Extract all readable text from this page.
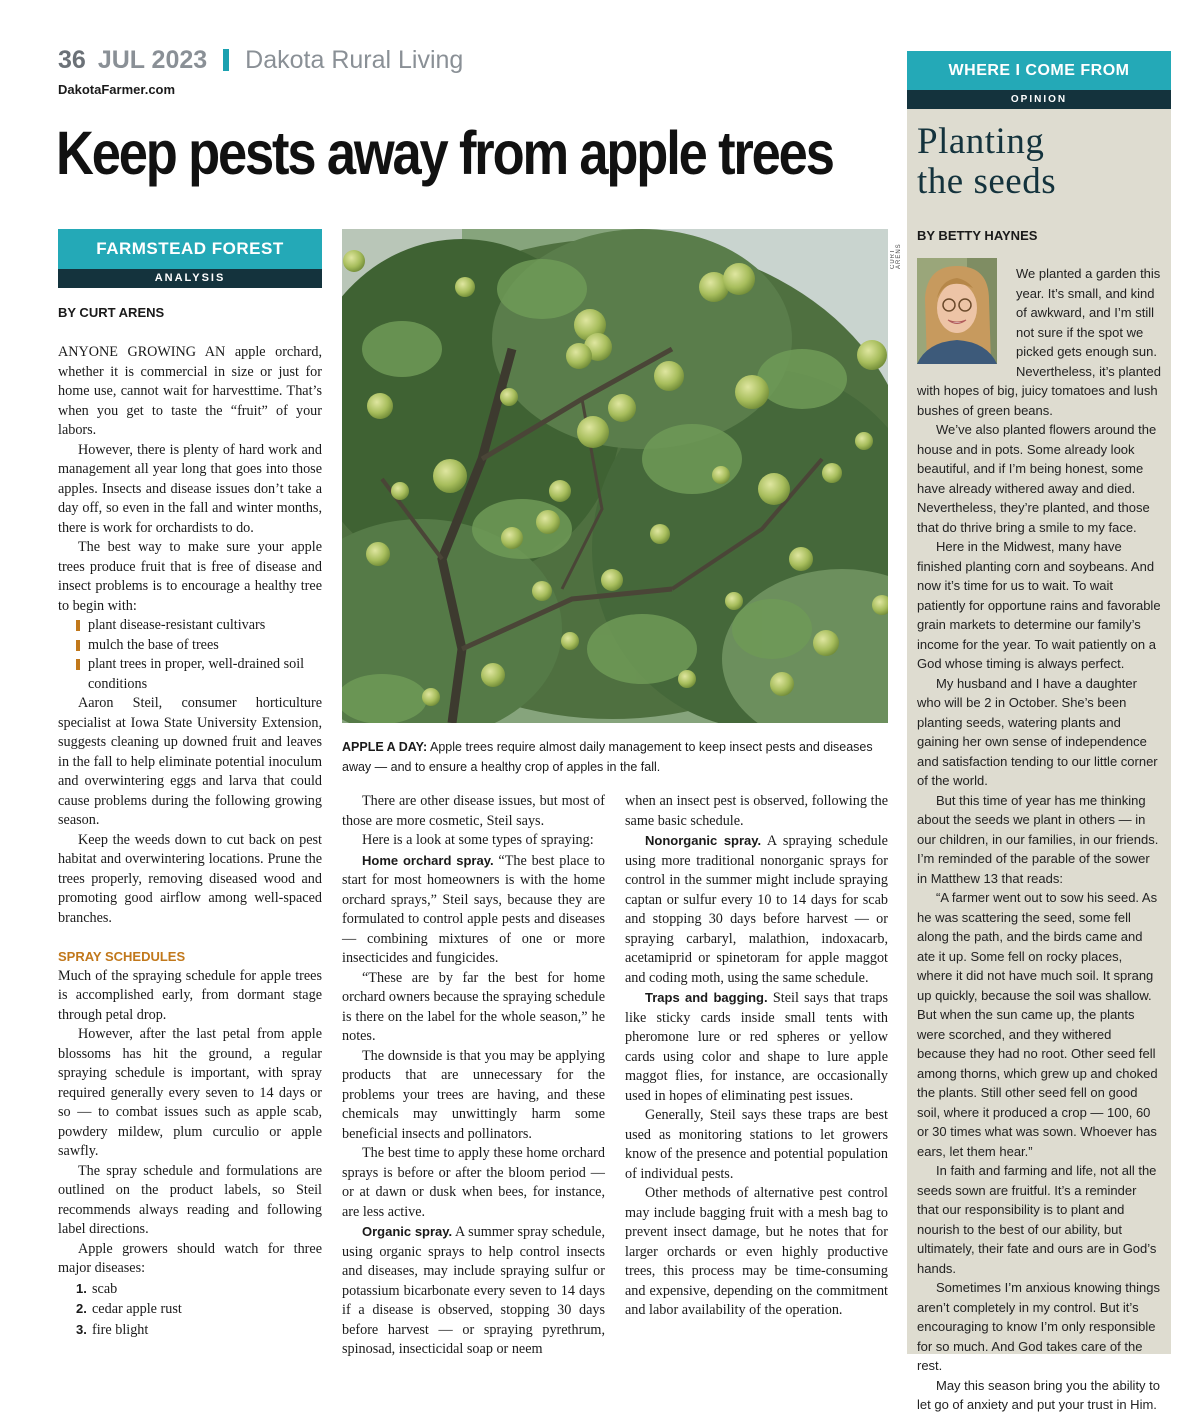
36 JUL 2023 Dakota Rural Living
DakotaFarmer.com
Keep pests away from apple trees
FARMSTEAD FOREST
ANALYSIS
BY CURT ARENS

ANYONE GROWING AN apple orchard, whether it is commercial in size or just for home use, cannot wait for harvesttime. That’s when you get to taste the “fruit” of your labors.

However, there is plenty of hard work and management all year long that goes into those apples. Insects and disease issues don’t take a day off, so even in the fall and winter months, there is work for orchardists to do.

The best way to make sure your apple trees produce fruit that is free of disease and insect problems is to encourage a healthy tree to begin with:

plant disease-resistant cultivars
mulch the base of trees
plant trees in proper, well-drained soil conditions

Aaron Steil, consumer horticulture specialist at Iowa State University Extension, suggests cleaning up downed fruit and leaves in the fall to help eliminate potential inoculum and overwintering eggs and larva that could cause problems during the following growing season.

Keep the weeds down to cut back on pest habitat and overwintering locations. Prune the trees properly, removing diseased wood and promoting good airflow among well-spaced branches.

SPRAY SCHEDULES

Much of the spraying schedule for apple trees is accomplished early, from dormant stage through petal drop.

However, after the last petal from apple blossoms has hit the ground, a regular spraying schedule is important, with spray required generally every seven to 14 days or so — to combat issues such as apple scab, powdery mildew, plum curculio or apple sawfly.

The spray schedule and formulations are outlined on the product labels, so Steil recommends always reading and following label directions.

Apple growers should watch for three major diseases:

1. scab
2. cedar apple rust
3. fire blight
CURT ARENS
APPLE A DAY: Apple trees require almost daily management to keep insect pests and diseases away — and to ensure a healthy crop of apples in the fall.

There are other disease issues, but most of those are more cosmetic, Steil says.

Here is a look at some types of spraying:

Home orchard spray. “The best place to start for most homeowners is with the home orchard sprays,” Steil says, because they are formulated to control apple pests and diseases — combining mixtures of one or more insecticides and fungicides.

“These are by far the best for home orchard owners because the spraying schedule is there on the label for the whole season,” he notes.

The downside is that you may be applying products that are unnecessary for the problems your trees are having, and these chemicals may unwittingly harm some beneficial insects and pollinators.

The best time to apply these home orchard sprays is before or after the bloom period — or at dawn or dusk when bees, for instance, are less active.

Organic spray. A summer spray schedule, using organic sprays to help control insects and diseases, may include spraying sulfur or potassium bicarbonate every seven to 14 days if a disease is observed, stopping 30 days before harvest — or spraying pyrethrum, spinosad, insecticidal soap or neem

when an insect pest is observed, following the same basic schedule.

Nonorganic spray. A spraying schedule using more traditional nonorganic sprays for control in the summer might include spraying captan or sulfur every 10 to 14 days for scab and stopping 30 days before harvest — or spraying carbaryl, malathion, indoxacarb, acetamiprid or spinetoram for apple maggot and coding moth, using the same schedule.

Traps and bagging. Steil says that traps like sticky cards inside small tents with pheromone lure or red spheres or yellow cards using color and shape to lure apple maggot flies, for instance, are occasionally used in hopes of eliminating pest issues.

Generally, Steil says these traps are best used as monitoring stations to let growers know of the presence and potential population of individual pests.

Other methods of alternative pest control may include bagging fruit with a mesh bag to prevent insect damage, but he notes that for larger orchards or even highly productive trees, this process may be time-consuming and expensive, depending on the commitment and labor availability of the operation.

WHERE I COME FROM
OPINION
Planting
the seeds
BY BETTY HAYNES

We planted a garden this year. It’s small, and kind of awkward, and I’m still not sure if the spot we picked gets enough sun. Nevertheless, it’s planted with hopes of big, juicy tomatoes and lush bushes of green beans.

We’ve also planted flowers around the house and in pots. Some already look beautiful, and if I’m being honest, some have already withered away and died. Nevertheless, they’re planted, and those that do thrive bring a smile to my face.

Here in the Midwest, many have finished planting corn and soybeans. And now it’s time for us to wait. To wait patiently for opportune rains and favorable grain markets to determine our family’s income for the year. To wait patiently on a God whose timing is always perfect.

My husband and I have a daughter who will be 2 in October. She’s been planting seeds, watering plants and gaining her own sense of independence and satisfaction tending to our little corner of the world.

But this time of year has me thinking about the seeds we plant in others — in our children, in our families, in our friends. I’m reminded of the parable of the sower in Matthew 13 that reads:

“A farmer went out to sow his seed. As he was scattering the seed, some fell along the path, and the birds came and ate it up. Some fell on rocky places, where it did not have much soil. It sprang up quickly, because the soil was shallow. But when the sun came up, the plants were scorched, and they withered because they had no root. Other seed fell among thorns, which grew up and choked the plants. Still other seed fell on good soil, where it produced a crop — 100, 60 or 30 times what was sown. Whoever has ears, let them hear.”

In faith and farming and life, not all the seeds sown are fruitful. It’s a reminder that our responsibility is to plant and nourish to the best of our ability, but ultimately, their fate and ours are in God’s hands.

Sometimes I’m anxious knowing things aren’t completely in my control. But it’s encouraging to know I’m only responsible for so much. And God takes care of the rest.

May this season bring you the ability to let go of anxiety and put your trust in Him.
